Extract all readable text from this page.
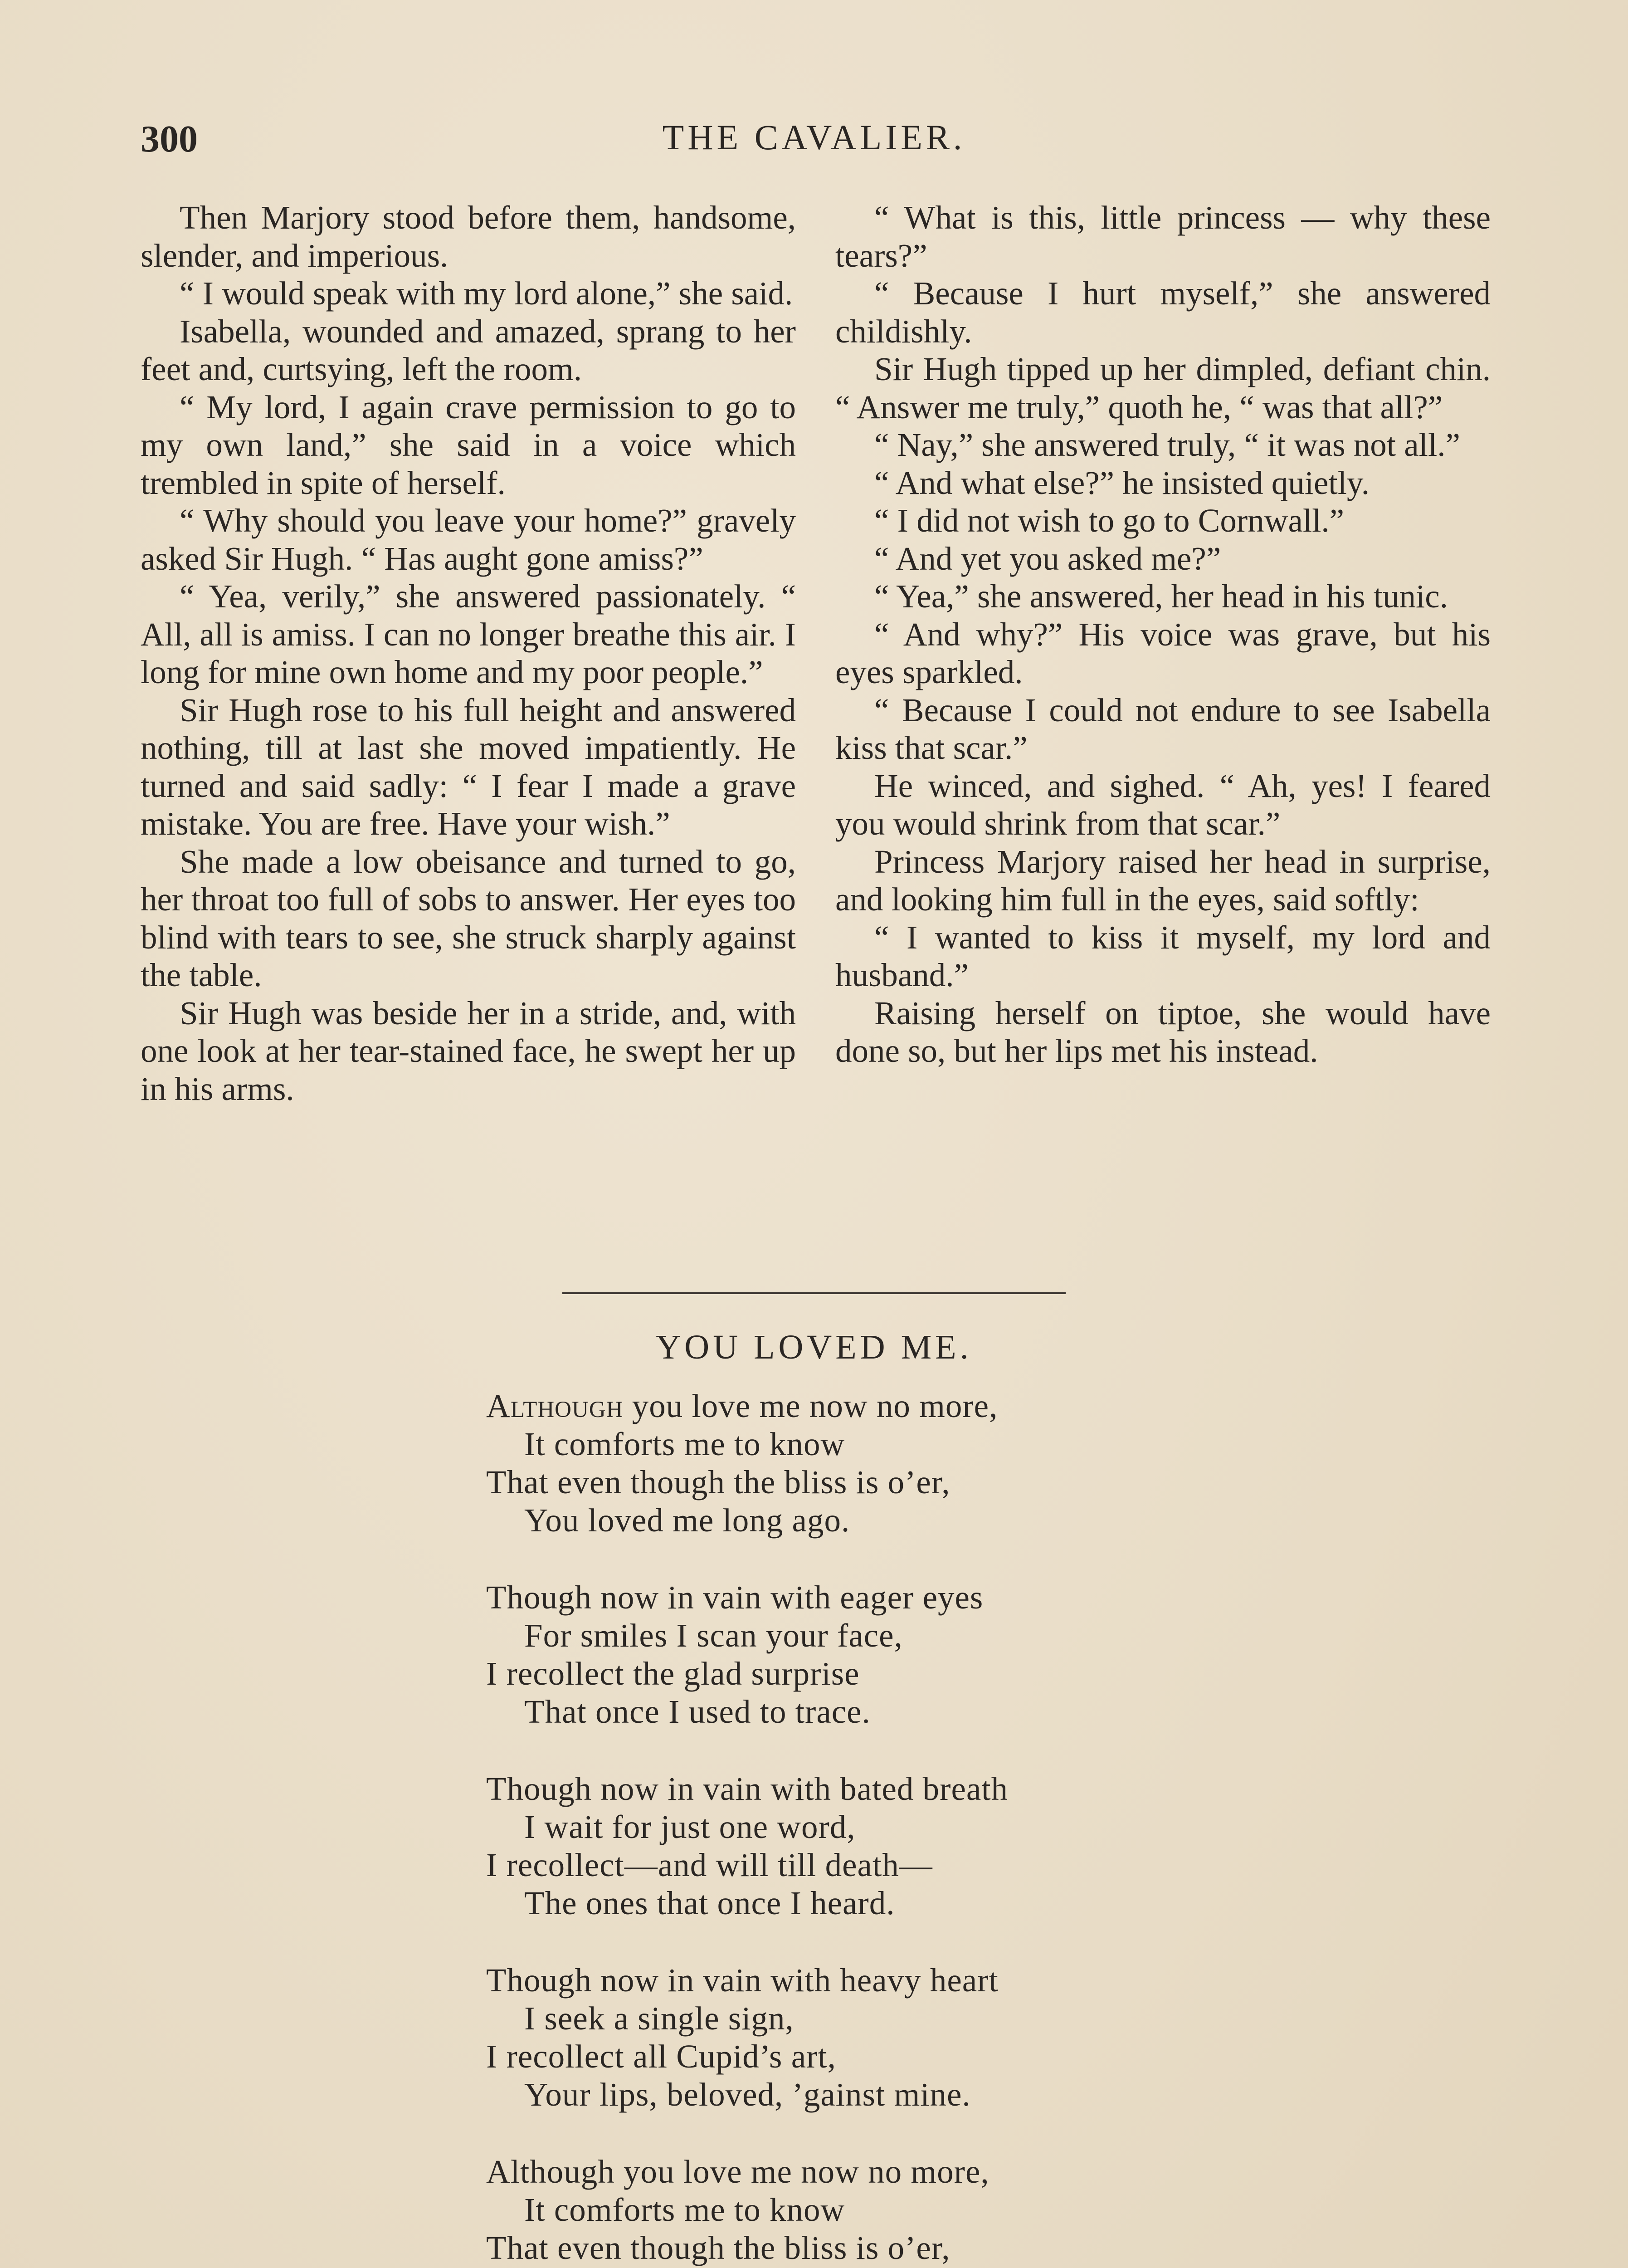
300	THE CAVALIER.

Then Marjory stood before them, handsome, slender, and imperious.

“ I would speak with my lord alone,” she said.

Isabella, wounded and amazed, sprang to her feet and, curtsying, left the room.

“ My lord, I again crave permission to go to my own land,” she said in a voice which trembled in spite of herself.

“ Why should you leave your home?” gravely asked Sir Hugh. “ Has aught gone amiss?”

“ Yea, verily,” she answered passionately. “ All, all is amiss. I can no longer breathe this air. I long for mine own home and my poor people.”

Sir Hugh rose to his full height and answered nothing, till at last she moved impatiently. He turned and said sadly: “ I fear I made a grave mistake. You are free. Have your wish.”

She made a low obeisance and turned to go, her throat too full of sobs to answer. Her eyes too blind with tears to see, she struck sharply against the table.

Sir Hugh was beside her in a stride, and, with one look at her tear-stained face, he swept her up in his arms.

“ What is this, little princess — why these tears?”

“ Because I hurt myself,” she answered childishly.

Sir Hugh tipped up her dimpled, defiant chin. “ Answer me truly,” quoth he, “ was that all?”

“ Nay,” she answered truly, “ it was not all.”

“ And what else?” he insisted quietly.

“ I did not wish to go to Cornwall.”

“ And yet you asked me?”

“ Yea,” she answered, her head in his tunic.

“ And why?” His voice was grave, but his eyes sparkled.

“ Because I could not endure to see Isabella kiss that scar.”

He winced, and sighed. “ Ah, yes! I feared you would shrink from that scar.”

Princess Marjory raised her head in surprise, and looking him full in the eyes, said softly:

“ I wanted to kiss it myself, my lord and husband.”

Raising herself on tiptoe, she would have done so, but her lips met his instead.

YOU LOVED ME.
Although you love me now no more,
It comforts me to know
That even though the bliss is o’er,
You loved me long ago.
Though now in vain with eager eyes
For smiles I scan your face,
I recollect the glad surprise
That once I used to trace.
Though now in vain with bated breath
I wait for just one word,
I recollect—and will till death—
The ones that once I heard.
Though now in vain with heavy heart
I seek a single sign,
I recollect all Cupid’s art,
Your lips, beloved, ’gainst mine.
Although you love me now no more,
It comforts me to know
That even though the bliss is o’er,
